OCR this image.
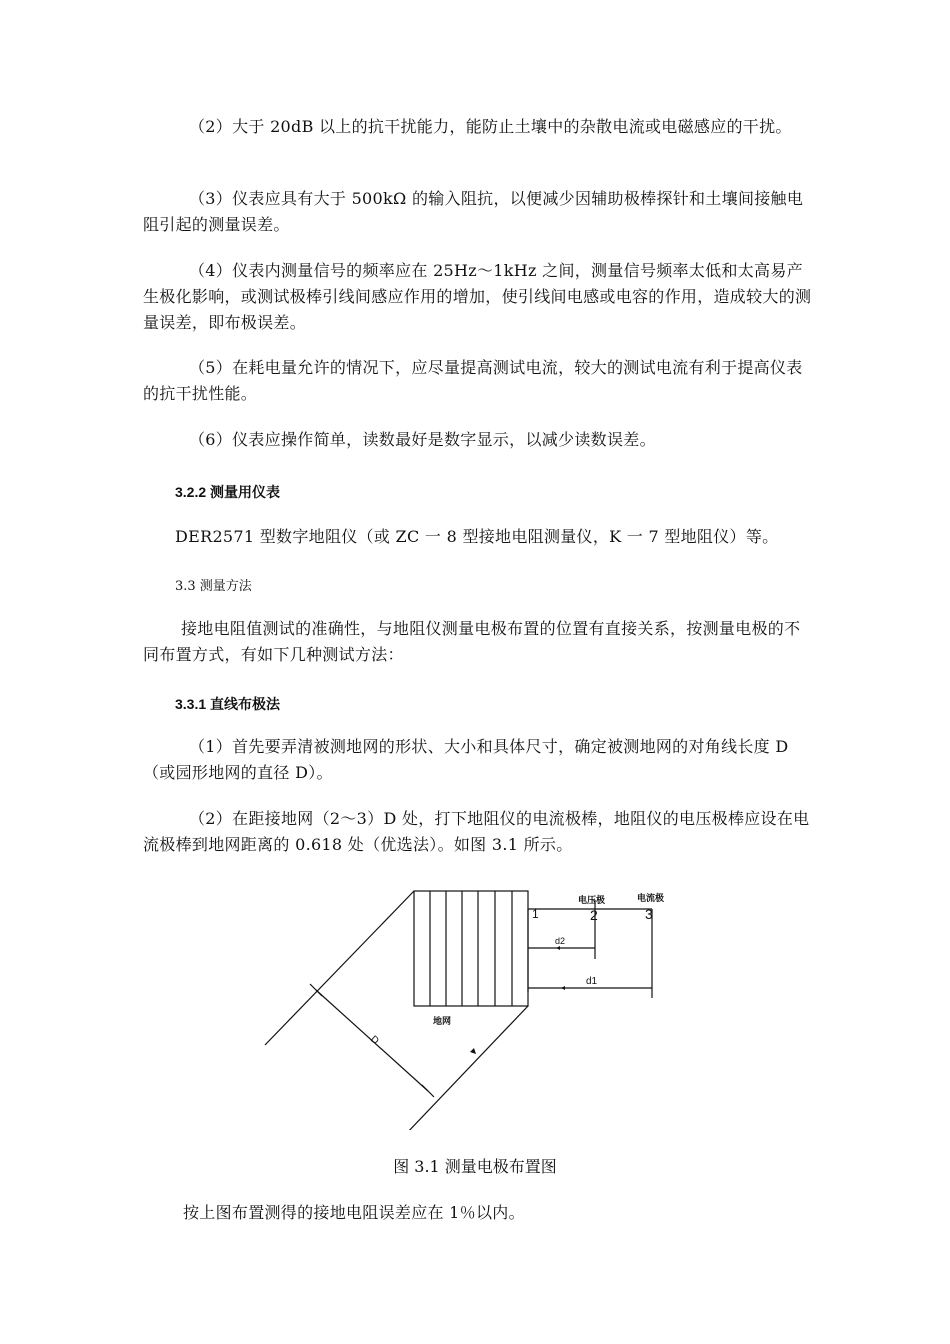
（2）大于 20dB 以上的抗干扰能力，能防止土壤中的杂散电流或电磁感应的干扰。

（3）仪表应具有大于 500kΩ 的输入阻抗，以便减少因辅助极棒探针和土壤间接触电阻引起的测量误差。

（4）仪表内测量信号的频率应在 25Hz～1kHz 之间，测量信号频率太低和太高易产生极化影响，或测试极棒引线间感应作用的增加，使引线间电感或电容的作用，造成较大的测量误差，即布极误差。

（5）在耗电量允许的情况下，应尽量提高测试电流，较大的测试电流有利于提高仪表的抗干扰性能。

（6）仪表应操作简单，读数最好是数字显示，以减少读数误差。

3.2.2 测量用仪表

DER2571 型数字地阻仪（或 ZC 一 8 型接地电阻测量仪，K 一 7 型地阻仪）等。

3.3 测量方法

接地电阻值测试的准确性，与地阻仪测量电极布置的位置有直接关系，按测量电极的不同布置方式，有如下几种测试方法：

3.3.1 直线布极法

（1）首先要弄清被测地网的形状、大小和具体尺寸，确定被测地网的对角线长度 D（或园形地网的直径 D）。

（2）在距接地网（2～3）D 处，打下地阻仪的电流极棒，地阻仪的电压极棒应设在电流极棒到地网距离的 0.618 处（优选法）。如图 3.1 所示。

1	2	3
电压极	电流极
d2
d1
D
地网

图 3.1 测量电极布置图

按上图布置测得的接地电阻误差应在 1％以内。
